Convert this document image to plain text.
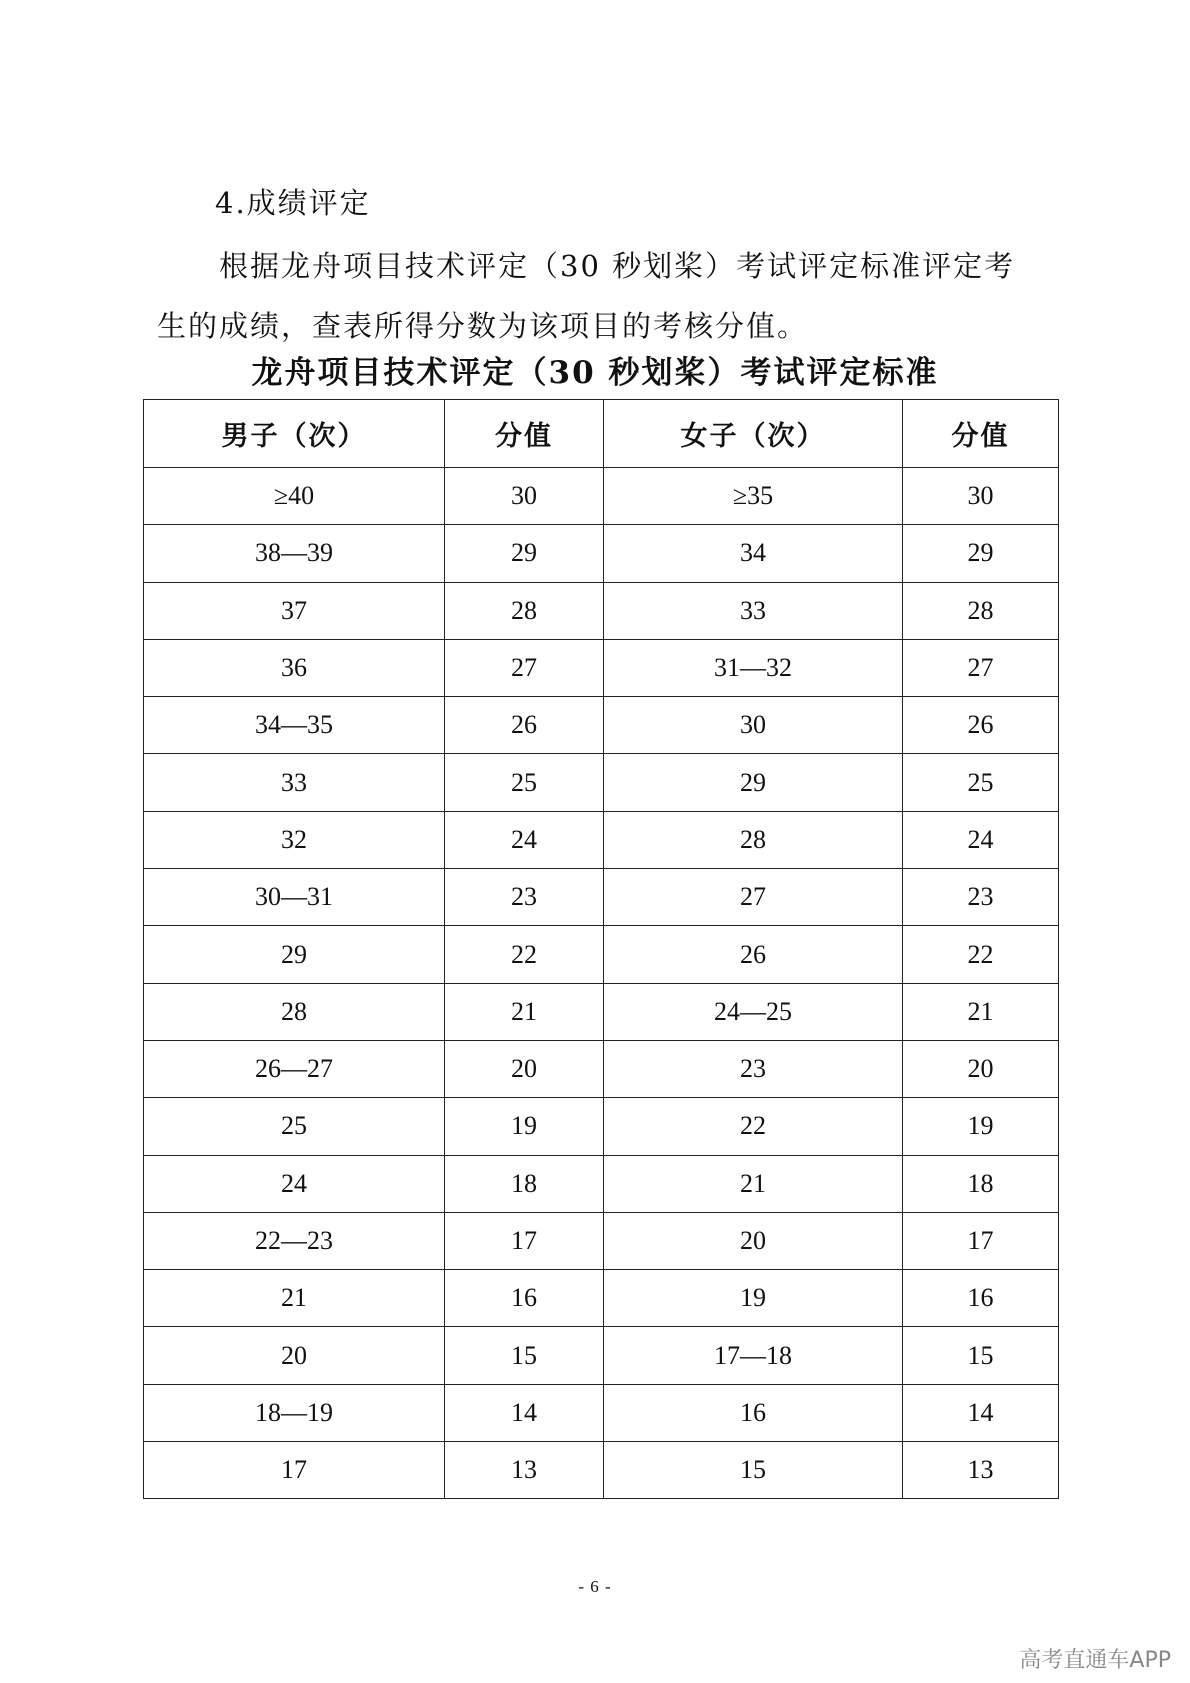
4.成绩评定
根据龙舟项目技术评定（30 秒划桨）考试评定标准评定考
生的成绩，查表所得分数为该项目的考核分值。
龙舟项目技术评定（30 秒划桨）考试评定标准
男子（次）	分值	女子（次）	分值
≥40	30	≥35	30
38—39	29	34	29
37	28	33	28
36	27	31—32	27
34—35	26	30	26
33	25	29	25
32	24	28	24
30—31	23	27	23
29	22	26	22
28	21	24—25	21
26—27	20	23	20
25	19	22	19
24	18	21	18
22—23	17	20	17
21	16	19	16
20	15	17—18	15
18—19	14	16	14
17	13	15	13
- 6 -
高考直通车APP
